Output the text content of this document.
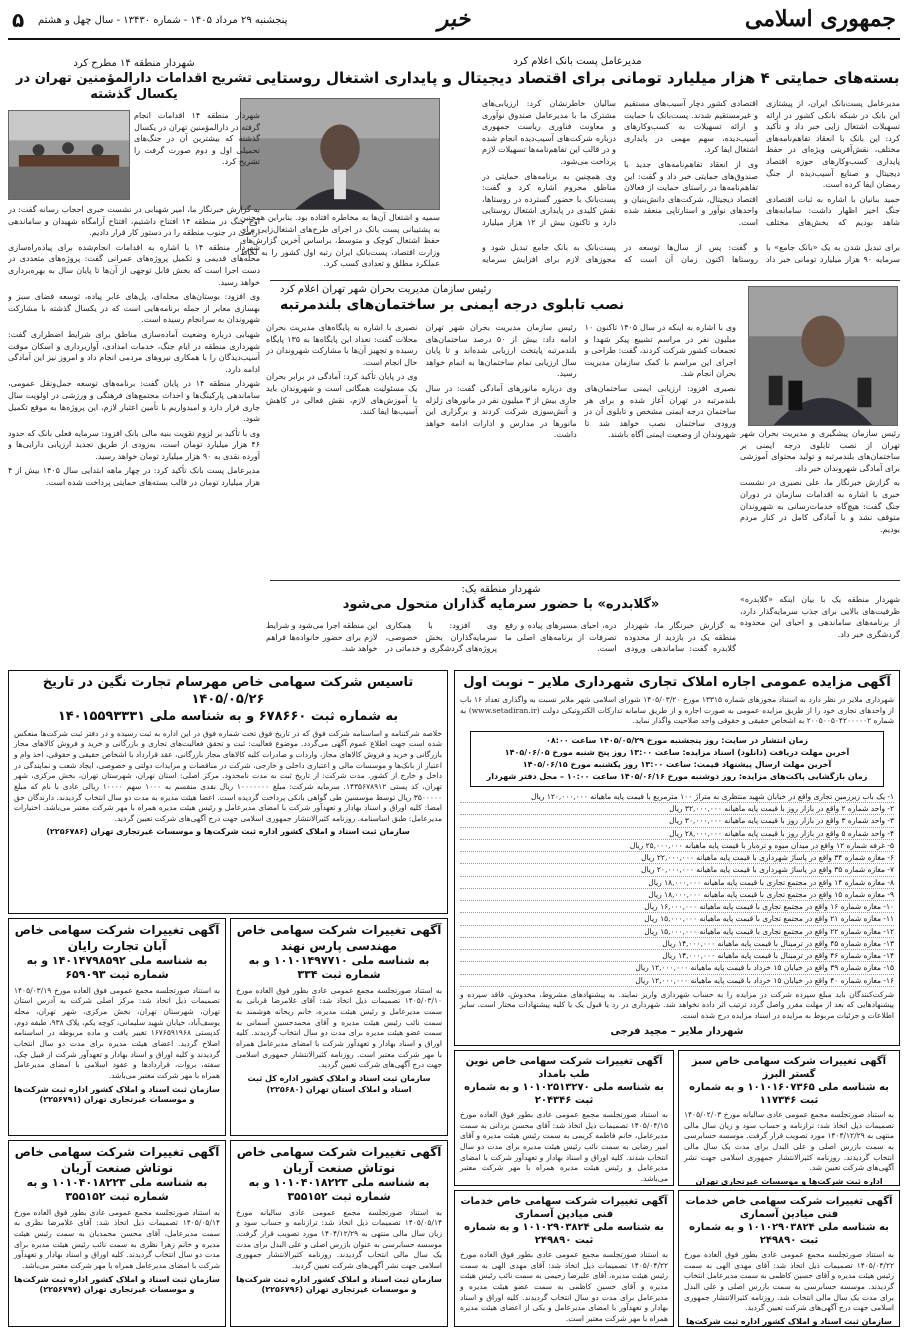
جمهوری اسلامی
خبر
پنجشنبه ۲۹ مرداد ۱۴۰۵ - شماره ۱۳۴۳۰ - سال چهل و هشتم
۵
مدیرعامل پست بانک اعلام کرد
بسته‌های حمایتی ۴ هزار میلیارد تومانی برای اقتصاد دیجیتال و پایداری اشتغال روستایی

مدیرعامل پست‌بانک ایران، از پیشتازی این بانک در شبکه بانکی کشور در ارائه تسهیلات اشتغال زایی خبر داد و تأکید کرد: این بانک با انعقاد تفاهم‌نامه‌های مختلف، نقش‌آفرینی ویژه‌ای در حفظ پایداری کسب‌وکارهای حوزه اقتصاد دیجیتال و صنایع آسیب‌دیده از جنگ رمضان ایفا کرده است.

حمید بنانیان با اشاره به ثبات اقتصادی جنگ اخیر اظهار داشت: سامانه‌های شاهد بودیم که بخش‌های مختلف اقتصادی کشور دچار آسیب‌های مستقیم و غیرمستقیم شدند. پست‌بانک با حمایت و ارائه تسهیلات به کسب‌وکارهای آسیب‌دیده، سهم مهمی در پایداری اشتغال ایفا کرد.

وی از انعقاد تفاهم‌نامه‌های جدید با صندوق‌های حمایتی خبر داد و گفت: این تفاهم‌نامه‌ها در راستای حمایت از فعالان اقتصاد دیجیتال، شرکت‌های دانش‌بنیان و واحدهای نوآور و استارتاپی منعقد شده است.

سالیان خاطرنشان کرد: ارزیابی‌های مشترک ما با مدیرعامل صندوق نوآوری و معاونت فناوری ریاست جمهوری درباره شرکت‌های آسیب‌دیده انجام شده و در قالب این تفاهم‌نامه‌ها تسهیلات لازم پرداخت می‌شود.

وی همچنین به برنامه‌های حمایتی در مناطق محروم اشاره کرد و گفت: پست‌بانک با حضور گسترده در روستاها، نقش کلیدی در پایداری اشتغال روستایی دارد و تاکنون بیش از ۱۲ هزار میلیارد

سمیه و اشتغال آن‌ها به مخاطره افتاده بود. بنابراین همچنین به پشتیبانی پست بانک در اجرای طرح‌های اشتغال‌زایی برای حفظ اشتغال کوچک و متوسط، براساس آخرین گزارش‌های وزارت اقتصاد، پست‌بانک ایران رتبه اول کشور را به لحاظ عملکرد مطلق و تعدادی کسب کرد.

برای تبدیل شدن به یک «بانک جامع» با سرمایه ۹۰ هزار میلیارد تومانی خبر داد و گفت: پس از سال‌ها توسعه در روستاها اکنون زمان آن است که پست‌بانک به بانک جامع تبدیل شود و مجوزهای لازم برای افزایش سرمایه

شهردار منطقه ۱۴ مطرح کرد
تشریح اقدامات دارالمؤمنین تهران در یکسال گذشته

شهردار منطقه ۱۴ اقدامات انجام گرفته در دارالمؤمنین تهران در یکسال گذشته که بیشترین آن در جنگ‌های تحمیلی اول و دوم صورت گرفت را تشریح کرد.

به گزارش خبرنگار ما، امیر شهبابی در نشست خبری احجاب رسانه گفت: در اوج جنگ در منطقه ۱۴ افتتاح داشتیم، افتتاح آرامگاه شهیدان و ساماندهی اراضی در جنوب منطقه را در دستور کار قرار دادیم.

شهردار منطقه ۱۴ با اشاره به اقدامات انجام‌شده برای پیاده‌راه‌سازی محله‌های قدیمی و تکمیل پروژه‌های عمرانی گفت: پروژه‌های متعددی در دست اجرا است که بخش قابل توجهی از آن‌ها تا پایان سال به بهره‌برداری خواهد رسید.

وی افزود: بوستان‌های محله‌ای، پل‌های عابر پیاده، توسعه فضای سبز و بهسازی معابر از جمله برنامه‌هایی است که در یکسال گذشته با مشارکت شهروندان به سرانجام رسیده است.

شهبابی درباره وضعیت آماده‌سازی مناطق برای شرایط اضطراری گفت: شهرداری منطقه در ایام جنگ، خدمات امدادی، آواربرداری و اسکان موقت آسیب‌دیدگان را با همکاری نیروهای مردمی انجام داد و امروز نیز این آمادگی ادامه دارد.

شهردار منطقه ۱۴ در پایان گفت: برنامه‌های توسعه حمل‌ونقل عمومی، ساماندهی پارکینگ‌ها و احداث مجتمع‌های فرهنگی و ورزشی در اولویت سال جاری قرار دارد و امیدواریم با تأمین اعتبار لازم، این پروژه‌ها به موقع تکمیل شود.

وی با تأکید بر لزوم تقویت بنیه مالی بانک افزود: سرمایه فعلی بانک که حدود ۴۶ هزار میلیارد تومان است، به‌زودی از طریق تجدید ارزیابی دارایی‌ها و آورده نقدی به ۹۰ هزار میلیارد تومان خواهد رسید.

مدیرعامل پست بانک تأکید کرد: در چهار ماهه ابتدایی سال ۱۴۰۵ بیش از ۴ هزار میلیارد تومان در قالب بسته‌های حمایتی پرداخت شده است.

رئیس سازمان مدیریت بحران شهر تهران اعلام کرد
نصب تابلوی درجه ایمنی بر ساختمان‌های بلندمرتبه

رئیس سازمان پیشگیری و مدیریت بحران شهر تهران از نصب تابلوی درجه ایمنی بر ساختمان‌های بلندمرتبه و تولید محتوای آموزشی برای آمادگی شهروندان خبر داد.

به گزارش خبرنگار ما، علی نصیری در نشست خبری با اشاره به اقدامات سازمان در دوران جنگ گفت: هیچ‌گاه خدمات‌رسانی به شهروندان متوقف نشد و با آمادگی کامل در کنار مردم بودیم.

وی با اشاره به اینکه در سال ۱۴۰۵ تاکنون ۱۰ میلیون نفر در مراسم تشییع پیکر شهدا و تجمعات کشور شرکت کردند، گفت: طراحی و اجرای این مراسم با کمک سازمان مدیریت بحران انجام شد.

نصیری افزود: ارزیابی ایمنی ساختمان‌های بلندمرتبه در تهران آغاز شده و برای هر ساختمان درجه ایمنی مشخص و تابلوی آن در ورودی ساختمان نصب خواهد شد تا شهروندان از وضعیت ایمنی آگاه باشند.

رئیس سازمان مدیریت بحران شهر تهران ادامه داد: بیش از ۵۰ درصد ساختمان‌های بلندمرتبه پایتخت ارزیابی شده‌اند و تا پایان سال ارزیابی تمام ساختمان‌ها به اتمام خواهد رسید.

وی درباره مانورهای آمادگی گفت: در سال جاری بیش از ۳ میلیون نفر در مانورهای زلزله و آتش‌سوزی شرکت کردند و برگزاری این مانورها در مدارس و ادارات ادامه خواهد داشت.

نصیری با اشاره به پایگاه‌های مدیریت بحران محلات گفت: تعداد این پایگاه‌ها به ۱۳۵ پایگاه رسیده و تجهیز آن‌ها با مشارکت شهروندان در حال انجام است.

وی در پایان تأکید کرد: آمادگی در برابر بحران یک مسئولیت همگانی است و شهروندان باید با آموزش‌های لازم، نقش فعالی در کاهش آسیب‌ها ایفا کنند.

شهردار منطقه یک:
«گلابدره» با حضور سرمایه گذاران متحول می‌شود	شهردار منطقه یک با بیان اینکه «گلابدره» ظرفیت‌های بالایی برای جذب سرمایه‌گذار دارد، از برنامه‌های ساماندهی و احیای این محدوده گردشگری خبر داد.

به گزارش خبرنگار ما، شهردار منطقه یک در بازدید از محدوده گلابدره گفت: ساماندهی ورودی دره، احیای مسیرهای پیاده و رفع تصرفات از برنامه‌های اصلی ما است.

وی افزود: با همکاری سرمایه‌گذاران بخش خصوصی، پروژه‌های گردشگری و خدماتی در این منطقه اجرا می‌شود و شرایط لازم برای حضور خانواده‌ها فراهم خواهد شد.

تاسیس شرکت سهامی خاص مهرسام تجارت نگین در تاریخ ۱۴۰۵/۰۵/۲۶
به شماره ثبت ۶۷۸۶۶۰ و به شناسه ملی ۱۴۰۱۵۵۹۳۳۳۱
خلاصه شرکتنامه و اساسنامه شرکت فوق که در تاریخ فوق تحت شماره فوق در این اداره به ثبت رسیده و در دفتر ثبت شرکت‌ها منعکس شده است جهت اطلاع عموم آگهی می‌گردد. موضوع فعالیت: ثبت و تحقق فعالیت‌های تجاری و بازرگانی و خرید و فروش کالاهای مجاز بازرگانی و خرید و فروش کالاهای مجاز، واردات و صادرات کلیه کالاهای مجاز بازرگانی، عقد قرارداد با اشخاص حقیقی و حقوقی، اخذ وام و اعتبار از بانک‌ها و موسسات مالی و اعتباری داخلی و خارجی، شرکت در مناقصات و مزایدات دولتی و خصوصی، ایجاد شعب و نمایندگی در داخل و خارج از کشور. مدت شرکت: از تاریخ ثبت به مدت نامحدود. مرکز اصلی: استان تهران، شهرستان تهران، بخش مرکزی، شهر تهران، کد پستی ۱۴۳۵۶۷۸۹۱۲. سرمایه شرکت: مبلغ ۱۰۰۰۰۰۰۰ ریال نقدی منقسم به ۱۰۰۰ سهم ۱۰۰۰۰ ریالی عادی با نام که مبلغ ۳۵۰۰۰۰۰ ریال توسط موسسین طی گواهی بانکی پرداخت گردیده است. اعضا هیئت مدیره به مدت دو سال انتخاب گردیدند. دارندگان حق امضا: کلیه اوراق و اسناد بهادار و تعهدآور شرکت با امضای مدیرعامل و رئیس هیئت مدیره همراه با مهر شرکت معتبر می‌باشد. اختیارات مدیرعامل: طبق اساسنامه. روزنامه کثیرالانتشار جمهوری اسلامی جهت درج آگهی‌های شرکت تعیین گردید.
سازمان ثبت اسناد و املاک کشور اداره ثبت شرکت‌ها و موسسات غیرتجاری تهران (۲۲۵۶۷۸۶)
آگهی مزایده عمومی اجاره املاک تجاری شهرداری ملایر – نوبت اول
شهرداری ملایر در نظر دارد به استناد مجوزهای شماره ۱۳۳۱۵ مورخ ۱۴۰۵/۰۳/۲۰ شورای اسلامی شهر ملایر نسبت به واگذاری تعداد ۱۶ باب از واحدهای تجاری خود را از طریق مزایده عمومی به صورت اجاره و از طریق سامانه تدارکات الکترونیکی دولت (www.setadiran.ir) به شماره ۲۰۰۵۰۰۵۰۴۲۰۰۰۰۰۲ به اشخاص حقیقی و حقوقی واجد صلاحیت واگذار نماید.
زمان انتشار در سایت: روز پنجشنبه مورخ ۱۴۰۵/۰۵/۲۹ ساعت ۰۸:۰۰
آخرین مهلت دریافت (دانلود) اسناد مزایده: ساعت ۱۳:۰۰ روز پنج شنبه مورخ ۱۴۰۵/۰۶/۰۵
آخرین مهلت ارسال پیشنهاد قیمت: ساعت ۱۳:۰۰ روز یکشنبه مورخ ۱۴۰۵/۰۶/۱۵
زمان بازگشایی پاکت‌های مزایده: روز دوشنبه مورخ ۱۴۰۵/۰۶/۱۶ ساعت ۱۰:۰۰ – محل دفتر شهردار
۱- یک باب زیرزمین تجاری واقع در خیابان شهید منتظری به متراژ ۱۰۰ مترمربع با قیمت پایه ماهیانه ۱۲۰,۰۰۰,۰۰۰ ریال
۲- واحد شماره ۲ واقع در بازار روز با قیمت پایه ماهیانه ۳۲,۰۰۰,۰۰۰ ریال
۳- واحد شماره ۳ واقع در بازار روز با قیمت پایه ماهیانه ۳۰,۰۰۰,۰۰۰ ریال
۴- واحد شماره ۵ واقع در بازار روز با قیمت پایه ماهیانه ۲۸,۰۰۰,۰۰۰ ریال
۵- غرفه شماره ۱۲ واقع در میدان میوه و تره‌بار با قیمت پایه ماهیانه ۲۵,۰۰۰,۰۰۰ ریال
۶- مغازه شماره ۳۴ واقع در پاساژ شهرداری با قیمت پایه ماهیانه ۲۲,۰۰۰,۰۰۰ ریال
۷- مغازه شماره ۳۵ واقع در پاساژ شهرداری با قیمت پایه ماهیانه ۲۰,۰۰۰,۰۰۰ ریال
۸- مغازه شماره ۱۴ واقع در مجتمع تجاری با قیمت پایه ماهیانه ۱۸,۰۰۰,۰۰۰ ریال
۹- مغازه شماره ۱۵ واقع در مجتمع تجاری با قیمت پایه ماهیانه ۱۸,۰۰۰,۰۰۰ ریال
۱۰- مغازه شماره ۱۶ واقع در مجتمع تجاری با قیمت پایه ماهیانه ۱۶,۰۰۰,۰۰۰ ریال
۱۱- مغازه شماره ۲۱ واقع در مجتمع تجاری با قیمت پایه ماهیانه ۱۵,۰۰۰,۰۰۰ ریال
۱۲- مغازه شماره ۲۲ واقع در مجتمع تجاری با قیمت پایه ماهیانه ۱۵,۰۰۰,۰۰۰ ریال
۱۳- مغازه شماره ۴۵ واقع در ترمینال با قیمت پایه ماهیانه ۱۴,۰۰۰,۰۰۰ ریال
۱۴- مغازه شماره ۴۶ واقع در ترمینال با قیمت پایه ماهیانه ۱۴,۰۰۰,۰۰۰ ریال
۱۵- مغازه شماره ۳۹ واقع در خیابان ۱۵ خرداد با قیمت پایه ماهیانه ۱۲,۰۰۰,۰۰۰ ریال
۱۶- مغازه شماره ۴۰ واقع در خیابان ۱۵ خرداد با قیمت پایه ماهیانه ۱۲,۰۰۰,۰۰۰ ریال
شرکت‌کنندگان باید مبلغ سپرده شرکت در مزایده را به حساب شهرداری واریز نمایند. به پیشنهادهای مشروط، مخدوش، فاقد سپرده و پیشنهادهایی که بعد از مهلت مقرر واصل گردد ترتیب اثر داده نخواهد شد. شهرداری در رد یا قبول یک یا کلیه پیشنهادات مختار است. سایر اطلاعات و جزئیات مربوط به مزایده در اسناد مزایده درج شده است.
شهردار ملایر – مجید فرجی
آگهی تغییرات شرکت سهامی خاص آبان تجارت رایان
به شناسه ملی ۱۴۰۱۴۷۹۸۵۹۲ و به شماره ثبت ۶۵۹۰۹۳
به استناد صورتجلسه مجمع عمومی فوق العاده مورخ ۱۴۰۵/۰۳/۱۹ تصمیمات ذیل اتخاذ شد: مرکز اصلی شرکت به آدرس استان تهران، شهرستان تهران، بخش مرکزی، شهر تهران، محله یوسف‌آباد، خیابان شهید سلیمانی، کوچه یکم، پلاک ۹۳۸، طبقه دوم، کدپستی ۱۶۷۶۵۹۱۹۶۸ تغییر یافت و ماده مربوطه در اساسنامه اصلاح گردید. اعضای هیئت مدیره برای مدت دو سال انتخاب گردیدند و کلیه اوراق و اسناد بهادار و تعهدآور شرکت از قبیل چک، سفته، بروات، قراردادها و عقود اسلامی با امضای مدیرعامل همراه با مهر شرکت معتبر می‌باشد.
سازمان ثبت اسناد و املاک کشور اداره ثبت شرکت‌ها و موسسات غیرتجاری تهران (۲۲۵۶۷۹۱)
آگهی تغییرات شرکت سهامی خاص مهندسی پارس نهند
به شناسه ملی ۱۰۱۰۱۴۹۷۷۱۰ و به شماره ثبت ۳۳۴
به استناد صورتجلسه مجمع عمومی عادی بطور فوق العاده مورخ ۱۴۰۵/۰۳/۱۰ تصمیمات ذیل اتخاذ شد: آقای غلامرضا قربانی به سمت مدیرعامل و رئیس هیئت مدیره، خانم ریحانه هوشمند به سمت نائب رئیس هیئت مدیره و آقای محمدحسین آسمانی به سمت عضو هیئت مدیره برای مدت دو سال انتخاب گردیدند. کلیه اوراق و اسناد بهادار و تعهدآور شرکت با امضای مدیرعامل همراه با مهر شرکت معتبر است. روزنامه کثیرالانتشار جمهوری اسلامی جهت درج آگهی‌های شرکت تعیین گردید.
سازمان ثبت اسناد و املاک کشور اداره کل ثبت اسناد و املاک استان تهران (۲۲۵۶۸۰)
آگهی تغییرات شرکت سهامی خاص نوین طب بامداد
به شناسه ملی ۱۰۱۰۲۵۱۳۲۷۰ و به شماره ثبت ۲۰۴۳۴۶
به استناد صورتجلسه مجمع عمومی عادی بطور فوق العاده مورخ ۱۴۰۵/۰۴/۱۵ تصمیمات ذیل اتخاذ شد: آقای محسن یزدانی به سمت مدیرعامل، خانم فاطمه کریمی به سمت رئیس هیئت مدیره و آقای امیر رضایی به سمت نائب رئیس هیئت مدیره برای مدت دو سال انتخاب شدند. کلیه اوراق و اسناد بهادار و تعهدآور شرکت با امضای مدیرعامل و رئیس هیئت مدیره همراه با مهر شرکت معتبر می‌باشد.
آگهی تغییرات شرکت سهامی خاص سبز گستر البرز
به شناسه ملی ۱۰۱۰۱۶۰۷۳۶۵ و به شماره ثبت ۱۱۷۳۴۶
به استناد صورتجلسه مجمع عمومی عادی سالیانه مورخ ۱۴۰۵/۰۲/۰۳ تصمیمات ذیل اتخاذ شد: ترازنامه و حساب سود و زیان سال مالی منتهی به ۱۴۰۴/۱۲/۲۹ مورد تصویب قرار گرفت. موسسه حسابرسی به سمت بازرس اصلی و علی البدل برای مدت یک سال مالی انتخاب گردیدند. روزنامه کثیرالانتشار جمهوری اسلامی جهت نشر آگهی‌های شرکت تعیین شد.
اداره ثبت شرکت‌ها و موسسات غیرتجاری تهران
آگهی تغییرات شرکت سهامی خاص نوتاش صنعت آریان
به شناسه ملی ۱۰۱۰۴۰۱۸۲۲۳ و به شماره ثبت ۳۵۵۱۵۲
به استناد صورتجلسه مجمع عمومی عادی بطور فوق العاده مورخ ۱۴۰۵/۰۵/۱۴ تصمیمات ذیل اتخاذ شد: آقای غلامرضا نظری به سمت مدیرعامل، آقای محسن محمدیان به سمت رئیس هیئت مدیره و خانم زهرا نظری به سمت نائب رئیس هیئت مدیره برای مدت دو سال انتخاب گردیدند. کلیه اوراق و اسناد بهادار و تعهدآور شرکت با امضای مدیرعامل همراه با مهر شرکت معتبر می‌باشد.
سازمان ثبت اسناد و املاک کشور اداره ثبت شرکت‌ها و موسسات غیرتجاری تهران (۲۲۵۶۷۹۷)
آگهی تغییرات شرکت سهامی خاص نوتاش صنعت آریان
به شناسه ملی ۱۰۱۰۴۰۱۸۲۲۳ و به شماره ثبت ۳۵۵۱۵۲
به استناد صورتجلسه مجمع عمومی عادی سالیانه مورخ ۱۴۰۵/۰۵/۱۴ تصمیمات ذیل اتخاذ شد: ترازنامه و حساب سود و زیان سال مالی منتهی به ۱۴۰۴/۱۲/۲۹ مورد تصویب قرار گرفت. موسسه حسابرسی به عنوان بازرس اصلی و علی البدل برای مدت یک سال مالی انتخاب گردیدند. روزنامه کثیرالانتشار جمهوری اسلامی جهت نشر آگهی‌های شرکت تعیین گردید.
سازمان ثبت اسناد و املاک کشور اداره ثبت شرکت‌ها و موسسات غیرتجاری تهران (۲۲۵۶۷۹۶)
آگهی تغییرات شرکت سهامی خاص خدمات فنی میادین آسماری
به شناسه ملی ۱۰۱۰۲۹۰۳۸۲۴ و به شماره ثبت ۲۴۹۸۹۰
به استناد صورتجلسه مجمع عمومی عادی بطور فوق العاده مورخ ۱۴۰۵/۰۴/۲۲ تصمیمات ذیل اتخاذ شد: آقای مهدی الهی به سمت رئیس هیئت مدیره، آقای علیرضا رحیمی به سمت نائب رئیس هیئت مدیره و آقای حسین کاظمی به سمت عضو هیئت مدیره و مدیرعامل برای مدت دو سال انتخاب گردیدند. کلیه اوراق و اسناد بهادار و تعهدآور با امضای مدیرعامل و یکی از اعضای هیئت مدیره همراه با مهر شرکت معتبر است.
آگهی تغییرات شرکت سهامی خاص خدمات فنی میادین آسماری
به شناسه ملی ۱۰۱۰۲۹۰۳۸۲۴ و به شماره ثبت ۲۴۹۸۹۰
به استناد صورتجلسه مجمع عمومی عادی بطور فوق العاده مورخ ۱۴۰۵/۰۴/۲۲ تصمیمات ذیل اتخاذ شد: آقای مهدی الهی به سمت رئیس هیئت مدیره و آقای حسین کاظمی به سمت مدیرعامل انتخاب گردیدند. موسسه حسابرسی به سمت بازرس اصلی و علی البدل برای مدت یک سال مالی انتخاب شد. روزنامه کثیرالانتشار جمهوری اسلامی جهت درج آگهی‌های شرکت تعیین گردید.
سازمان ثبت اسناد و املاک کشور اداره ثبت شرکت‌ها
